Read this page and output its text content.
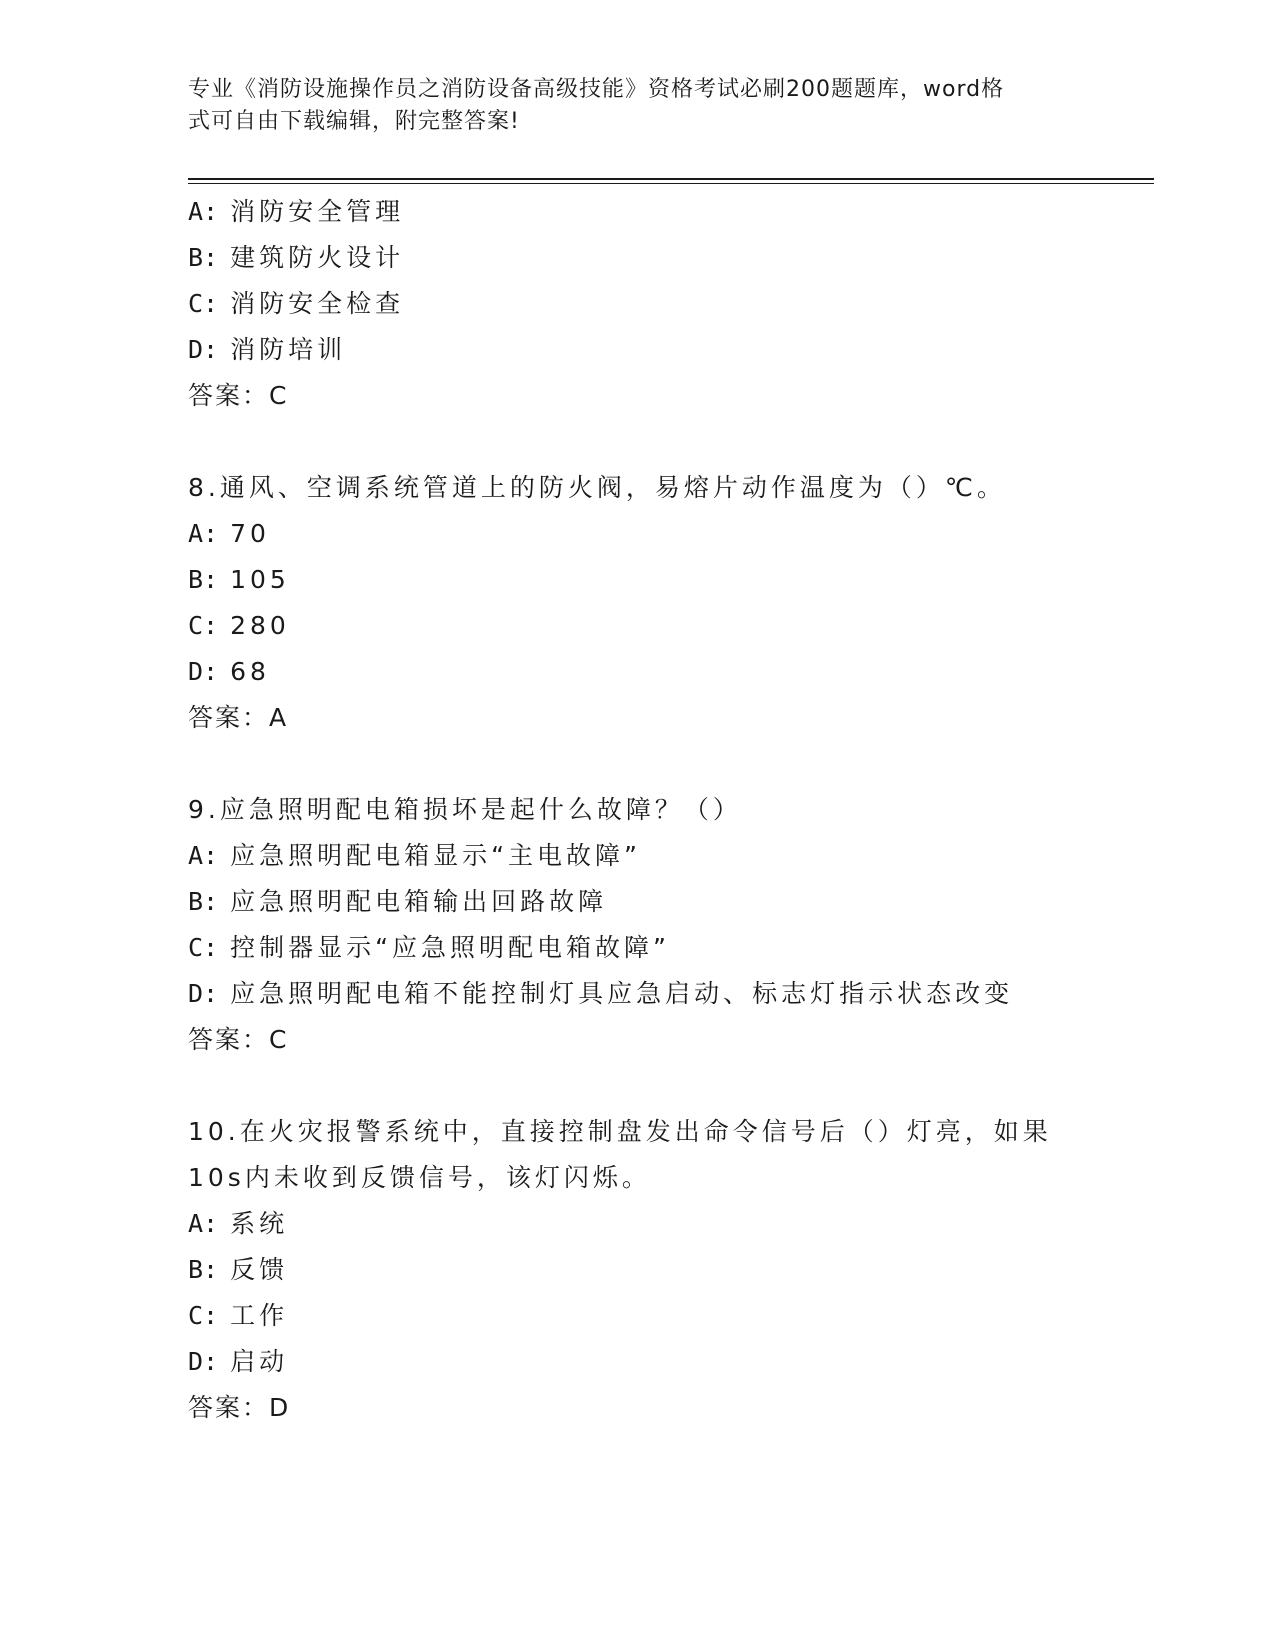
专业《消防设施操作员之消防设备高级技能》资格考试必刷200题题库，word格
式可自由下载编辑，附完整答案!
A: 消防安全管理
B: 建筑防火设计
C: 消防安全检查
D: 消防培训
答案：C
8.通风、空调系统管道上的防火阀，易熔片动作温度为（）℃。
A: 70
B: 105
C: 280
D: 68
答案：A
9.应急照明配电箱损坏是起什么故障？（）
A: 应急照明配电箱显示“主电故障”
B: 应急照明配电箱输出回路故障
C: 控制器显示“应急照明配电箱故障”
D: 应急照明配电箱不能控制灯具应急启动、标志灯指示状态改变
答案：C
10.在火灾报警系统中，直接控制盘发出命令信号后（）灯亮，如果
10s内未收到反馈信号，该灯闪烁。
A: 系统
B: 反馈
C: 工作
D: 启动
答案：D
